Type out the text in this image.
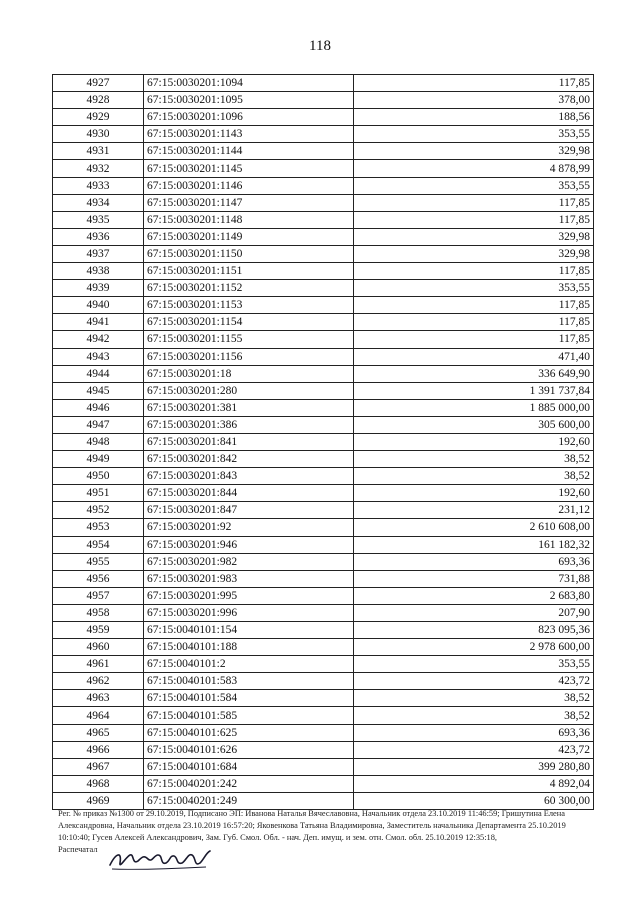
118
4927	67:15:0030201:1094	117,85
4928	67:15:0030201:1095	378,00
4929	67:15:0030201:1096	188,56
4930	67:15:0030201:1143	353,55
4931	67:15:0030201:1144	329,98
4932	67:15:0030201:1145	4 878,99
4933	67:15:0030201:1146	353,55
4934	67:15:0030201:1147	117,85
4935	67:15:0030201:1148	117,85
4936	67:15:0030201:1149	329,98
4937	67:15:0030201:1150	329,98
4938	67:15:0030201:1151	117,85
4939	67:15:0030201:1152	353,55
4940	67:15:0030201:1153	117,85
4941	67:15:0030201:1154	117,85
4942	67:15:0030201:1155	117,85
4943	67:15:0030201:1156	471,40
4944	67:15:0030201:18	336 649,90
4945	67:15:0030201:280	1 391 737,84
4946	67:15:0030201:381	1 885 000,00
4947	67:15:0030201:386	305 600,00
4948	67:15:0030201:841	192,60
4949	67:15:0030201:842	38,52
4950	67:15:0030201:843	38,52
4951	67:15:0030201:844	192,60
4952	67:15:0030201:847	231,12
4953	67:15:0030201:92	2 610 608,00
4954	67:15:0030201:946	161 182,32
4955	67:15:0030201:982	693,36
4956	67:15:0030201:983	731,88
4957	67:15:0030201:995	2 683,80
4958	67:15:0030201:996	207,90
4959	67:15:0040101:154	823 095,36
4960	67:15:0040101:188	2 978 600,00
4961	67:15:0040101:2	353,55
4962	67:15:0040101:583	423,72
4963	67:15:0040101:584	38,52
4964	67:15:0040101:585	38,52
4965	67:15:0040101:625	693,36
4966	67:15:0040101:626	423,72
4967	67:15:0040101:684	399 280,80
4968	67:15:0040201:242	4 892,04
4969	67:15:0040201:249	60 300,00

Рег. № приказ №1300 от 29.10.2019, Подписано ЭП: Иванова Наталья Вячеславовна, Начальник отдела 23.10.2019 11:46:59; Гришутина Елена

Александровна, Начальник отдела 23.10.2019 16:57:20; Яковенкова Татьяна Владимировна, Заместитель начальника Департамента 25.10.2019

10:10:40; Гусев Алексей Александрович, Зам. Губ. Смол. Обл. - нач. Деп. имущ. и зем. отн. Смол. обл. 25.10.2019 12:35:18,

Распечатал
